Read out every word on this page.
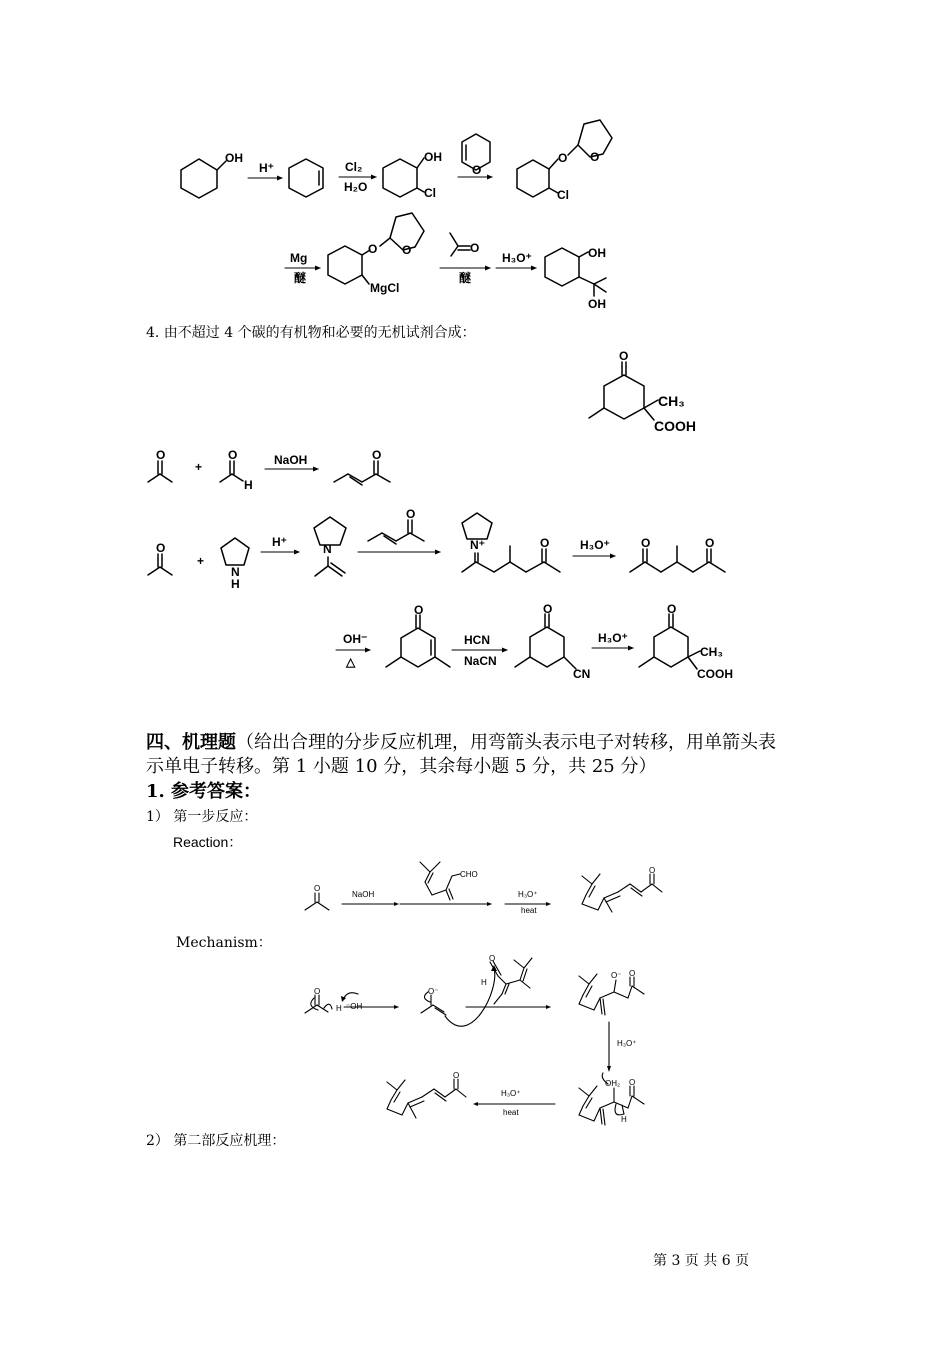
OH
H⁺	Cl₂
H₂O
OH
Cl
O
O O
Cl
Mg
醚
O O
MgCl
O
醚
H₃O⁺	OH
OH
O
CH₃
COOH
O
+
O
H
NaOH	O
O
+
N
H
H⁺	N
O
N⁺	O	H₃O⁺	O	O
OH⁻
△
O
HCN
NaCN
O
CN
H₃O⁺
O
CH₃
COOH
O
NaOH
CHO
H₃O⁺
heat
O
O
H ⁻OH
O⁻
O
H
O⁻ O
H₃O⁺
OH₂ O
H
H₃O⁺
heat
O
4. 由不超过 4 个碳的有机物和必要的无机试剂合成：
四、机理题（给出合理的分步反应机理，用弯箭头表示电子对转移，用单箭头表
示单电子转移。第 1 小题 10 分，其余每小题 5 分，共 25 分）
1. 参考答案：
1） 第一步反应：
Reaction：
Mechanism：
2） 第二部反应机理：
第 3 页 共 6 页
